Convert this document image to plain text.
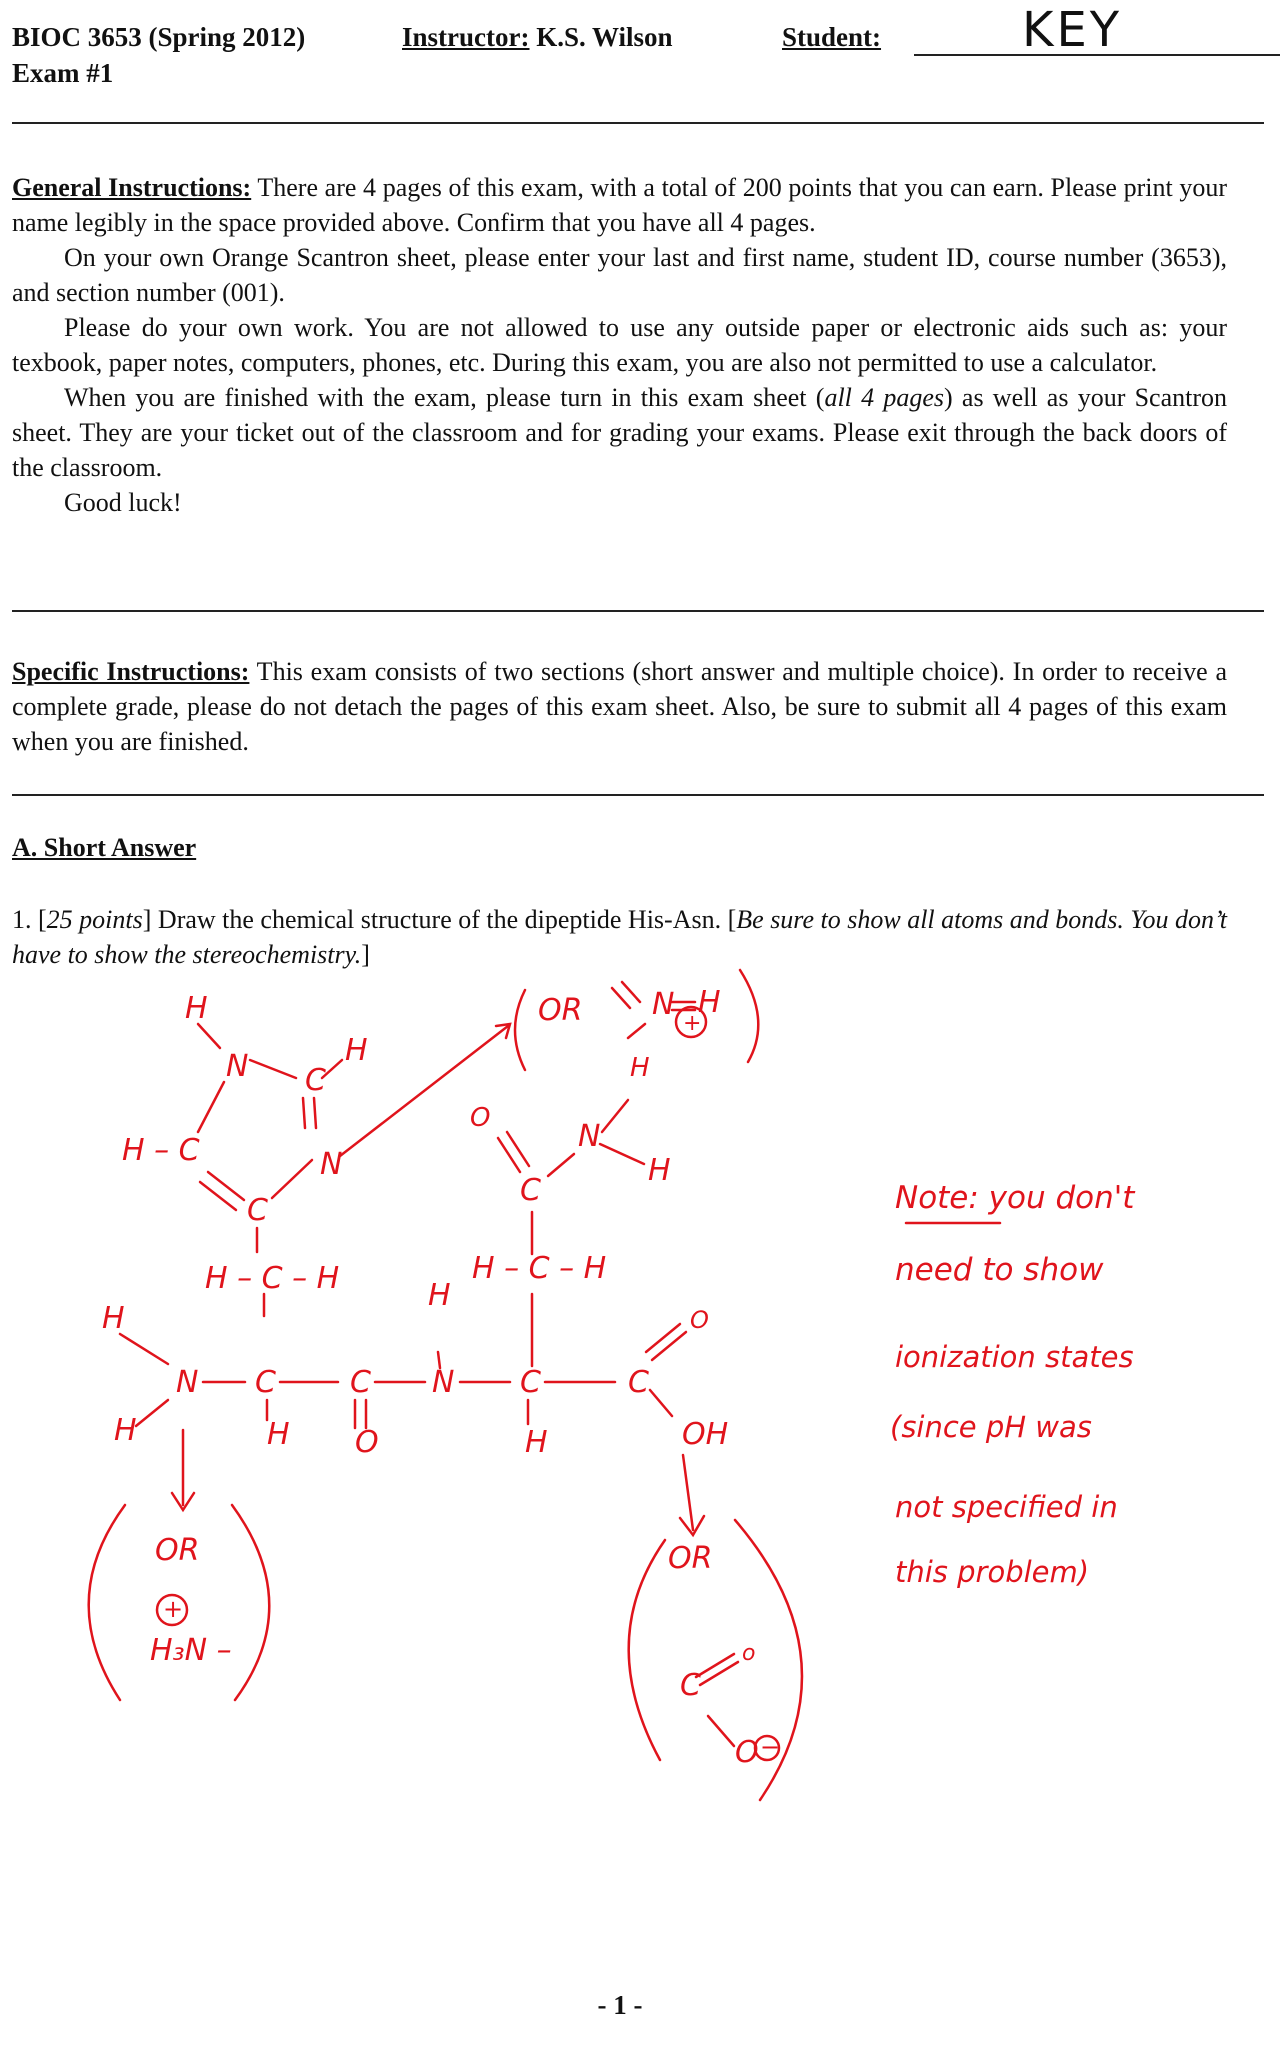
BIOC 3653 (Spring 2012)
Exam #1
Instructor: K.S. Wilson	Student:	KEY

General Instructions: There are 4 pages of this exam, with a total of 200 points that you can earn. Please print your name legibly in the space provided above. Confirm that you have all 4 pages.

On your own Orange Scantron sheet, please enter your last and first name, student ID, course number (3653), and section number (001).

Please do your own work. You are not allowed to use any outside paper or electronic aids such as: your texbook, paper notes, computers, phones, etc. During this exam, you are also not permitted to use a calculator.

When you are finished with the exam, please turn in this exam sheet (all 4 pages) as well as your Scantron sheet. They are your ticket out of the classroom and for grading your exams. Please exit through the back doors of the classroom.

Good luck!

Specific Instructions: This exam consists of two sections (short answer and multiple choice). In order to receive a complete grade, please do not detach the pages of this exam sheet. Also, be sure to submit all 4 pages of this exam when you are finished.

A. Short Answer
1. [25 points] Draw the chemical structure of the dipeptide His-Asn. [Be sure to show all atoms and bonds. You don’t have to show the stereochemistry.]
H
N C
H
N
H – C
C
H – C – H
H
N C C N C	C
H	H O
H
H	OH
O
H – C – H
C
O
N
H
H
OR N H
OR
H₃N –
OR
C
o
O
+
+
−
Note: you don't
need to show
ionization states
(since pH was
not specified in
this problem)
- 1 -
